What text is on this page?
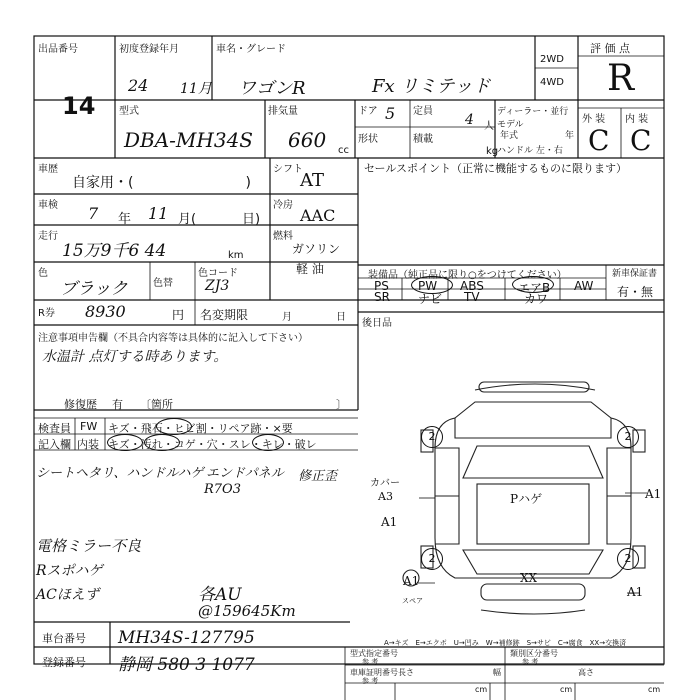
出品番号
14
初度登録年月
24 11月
車名・グレード
ワゴンR	Fx リミテッド
2WD
4WD
評 価 点
R
型式
DBA-MH34S
排気量
660 cc
ドア 5 定員
4 人
形状	積載
kg
ディーラー・並行
モデル
年式	年
ハンドル 左・右
外 装 内 装
C C
車歴
自家用・(　　　　　　　　)
シフト
AT
セールスポイント（正常に機能するものに限ります）
車検 7 年 11 月(	日)
冷房
AAC
走行
15万9千6 44	km
燃料
ガソリン
軽 油
色
ブラック	色替
色コード
ZJ3
装備品（純正品に限り○をつけてください）
PS PW ABS	エアB AW
SR ナビ TV	カワ
新車保証書
有・無
R券 8930	円 名変期限	月	日
後日品
注意事項申告欄（不具合内容等は具体的に記入して下さい）
水温計 点灯する時あります。
修復歴 有 〔箇所	〕
検査員
記入欄
FW キズ・飛石・ヒビ割・リペア跡・×要
内装 キズ・汚れ・コゲ・穴・スレ・キレ・破レ
シートヘタリ、ハンドルハゲ エンドパネル
R7O3
修正歪
電格ミラー不良
Rスポハゲ
ACほえず	各AU
@159645Km
2	2
2	2
A1
A1
A1
A1
XX
Pハゲ
カバー
A3
スペア
A→キズ　E→エクボ　U→凹み　W→補修跡　S→サビ　C→腐食　XX→交換済
車台番号 MH34S-127795
登録番号 静岡 580 3 1077
型式指定番号
参 考
類別区分番号
参 考
車庫証明番号
参 考
長さ
cm
幅
cm
高さ
cm
